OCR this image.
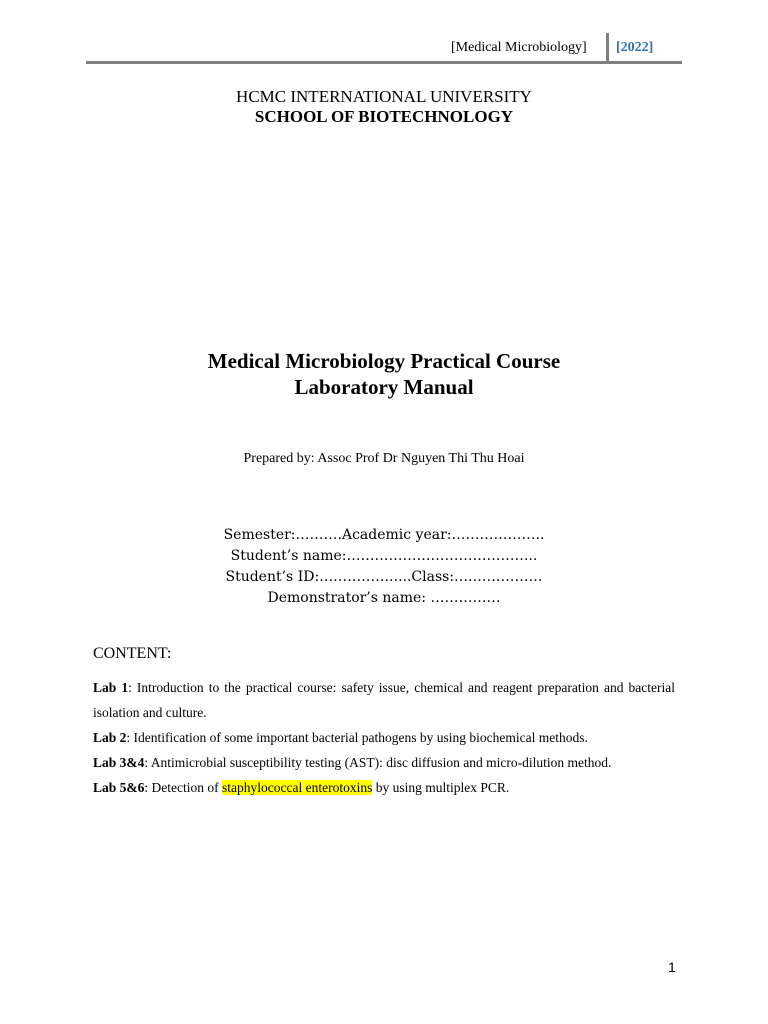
[Medical Microbiology] [2022]
HCMC INTERNATIONAL UNIVERSITY
SCHOOL OF BIOTECHNOLOGY
Medical Microbiology Practical Course
Laboratory Manual
Prepared by: Assoc Prof Dr Nguyen Thi Thu Hoai
Semester:……….Academic year:………………..
Student’s name:…………………………………..
Student’s ID:…………….....Class:….……………
Demonstrator’s name: ……………
CONTENT:

Lab 1: Introduction to the practical course: safety issue, chemical and reagent preparation and bacterial isolation and culture.

Lab 2: Identification of some important bacterial pathogens by using biochemical methods.

Lab 3&4: Antimicrobial susceptibility testing (AST): disc diffusion and micro-dilution method.

Lab 5&6: Detection of staphylococcal enterotoxins by using multiplex PCR.

1
